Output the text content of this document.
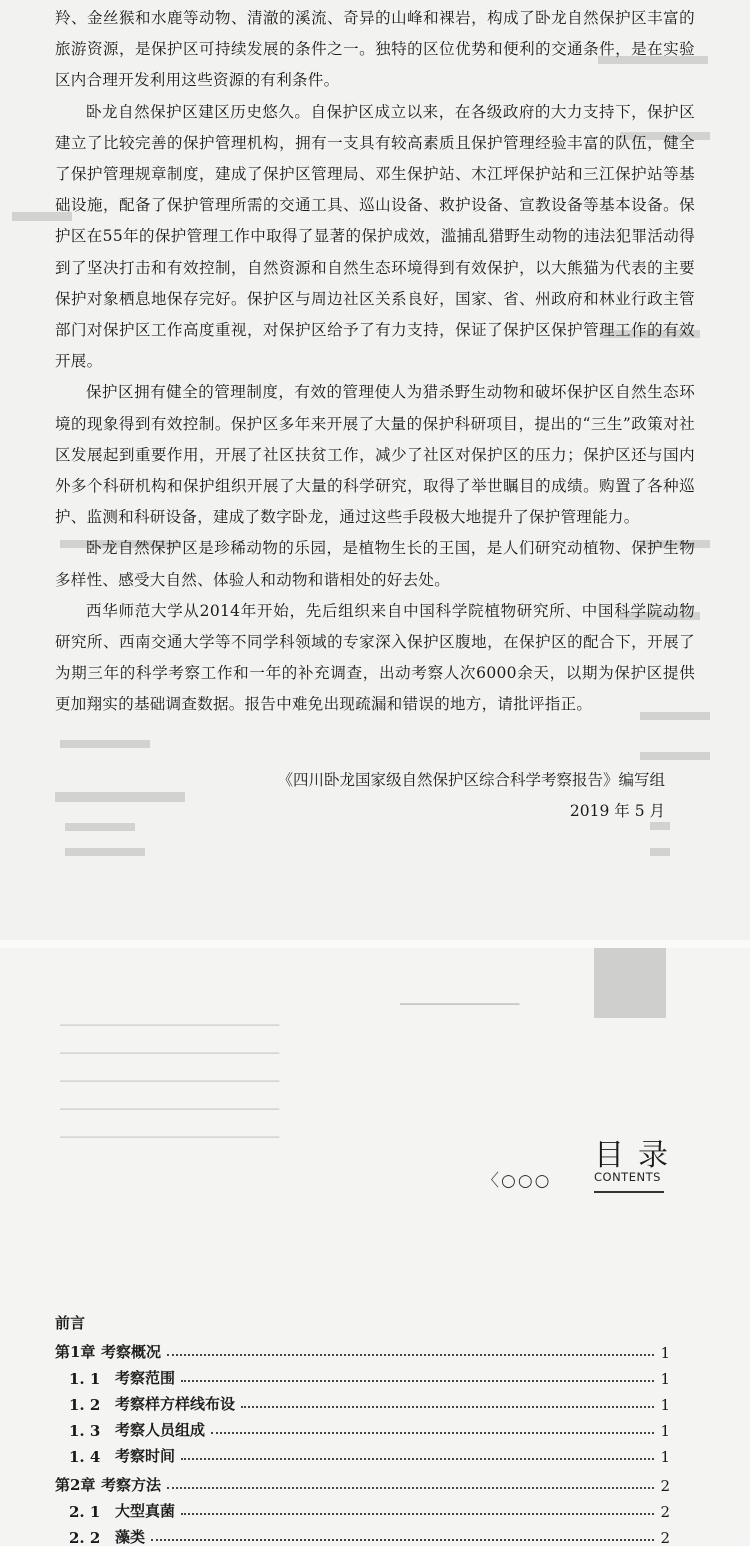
羚、金丝猴和水鹿等动物、清澈的溪流、奇异的山峰和裸岩，构成了卧龙自然保护区丰富的旅游资源，是保护区可持续发展的条件之一。独特的区位优势和便利的交通条件，是在实验区内合理开发利用这些资源的有利条件。

卧龙自然保护区建区历史悠久。自保护区成立以来，在各级政府的大力支持下，保护区建立了比较完善的保护管理机构，拥有一支具有较高素质且保护管理经验丰富的队伍，健全了保护管理规章制度，建成了保护区管理局、邓生保护站、木江坪保护站和三江保护站等基础设施，配备了保护管理所需的交通工具、巡山设备、救护设备、宣教设备等基本设备。保护区在55年的保护管理工作中取得了显著的保护成效，滥捕乱猎野生动物的违法犯罪活动得到了坚决打击和有效控制，自然资源和自然生态环境得到有效保护，以大熊猫为代表的主要保护对象栖息地保存完好。保护区与周边社区关系良好，国家、省、州政府和林业行政主管部门对保护区工作高度重视，对保护区给予了有力支持，保证了保护区保护管理工作的有效开展。

保护区拥有健全的管理制度，有效的管理使人为猎杀野生动物和破坏保护区自然生态环境的现象得到有效控制。保护区多年来开展了大量的保护科研项目，提出的“三生”政策对社区发展起到重要作用，开展了社区扶贫工作，减少了社区对保护区的压力；保护区还与国内外多个科研机构和保护组织开展了大量的科学研究，取得了举世瞩目的成绩。购置了各种巡护、监测和科研设备，建成了数字卧龙，通过这些手段极大地提升了保护管理能力。

卧龙自然保护区是珍稀动物的乐园，是植物生长的王国，是人们研究动植物、保护生物多样性、感受大自然、体验人和动物和谐相处的好去处。

西华师范大学从2014年开始，先后组织来自中国科学院植物研究所、中国科学院动物研究所、西南交通大学等不同学科领域的专家深入保护区腹地，在保护区的配合下，开展了为期三年的科学考察工作和一年的补充调查，出动考察人次6000余天，以期为保护区提供更加翔实的基础调查数据。报告中难免出现疏漏和错误的地方，请批评指正。

《四川卧龙国家级自然保护区综合科学考察报告》编写组
2019 年 5 月
━━━━━━━━━━━━━━━━━━
──────────────────────────
──────────────────────────
──────────────────────────
──────────────────────────
──────────────────────────	目录
〈○○○	CONTENTS
前言
第1章 考察概况	1
1. 1 考察范围	1
1. 2 考察样方样线布设	1
1. 3 考察人员组成	1
1. 4 考察时间	1
第2章 考察方法	2
2. 1 大型真菌	2
2. 2 藻类	2
